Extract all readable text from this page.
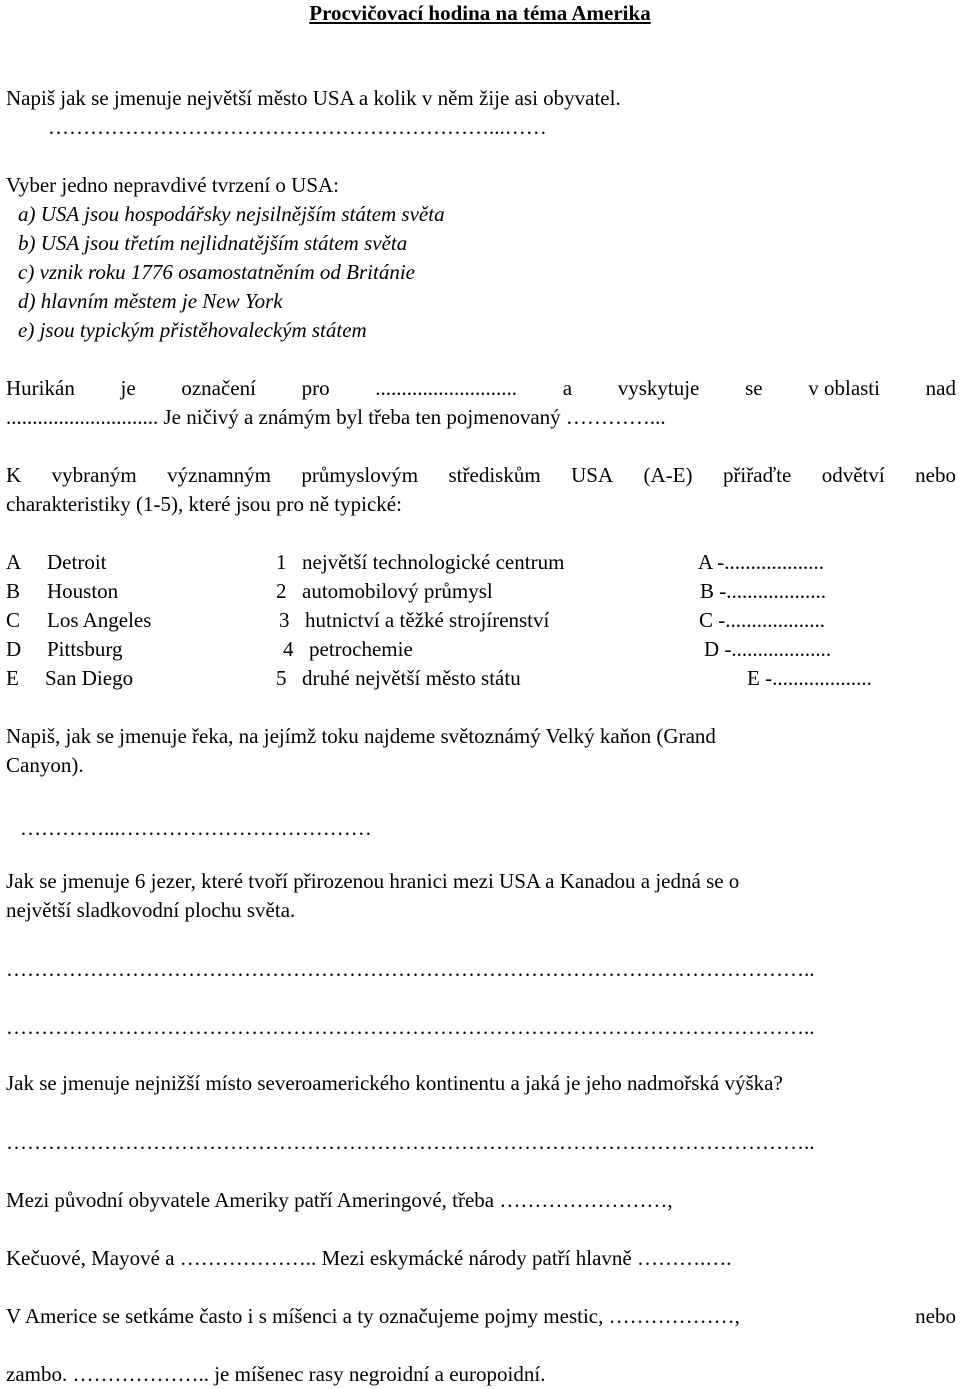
Procvičovací hodina na téma Amerika
Napiš jak se jmenuje největší město USA a kolik v něm žije asi obyvatel.
………………………………………………………...……
Vyber jedno nepravdivé tvrzení o USA:
a) USA jsou hospodářsky nejsilnějším státem světa
b) USA jsou třetím nejlidnatějším státem světa
c) vznik roku 1776 osamostatněním od Británie
d) hlavním městem je New York
e) jsou typickým přistěhovaleckým státem
Hurikán je označení pro ........................... a vyskytuje se v oblasti nad
............................. Je ničivý a známým byl třeba ten pojmenovaný …………...
K vybraným významným průmyslovým střediskům USA (A-E) přiřaďte odvětví nebo
charakteristiky (1-5), které jsou pro ně typické:
A Detroit	1 největší technologické centrum	A -...................
B Houston	2 automobilový průmysl	B -...................
C Los Angeles	3 hutnictví a těžké strojírenství	C -...................
D Pittsburg	4 petrochemie	D -...................
E San Diego	5 druhé největší město státu	E -...................
Napiš, jak se jmenuje řeka, na jejímž toku najdeme světoznámý Velký kaňon (Grand
Canyon).
…………...………………………………
Jak se jmenuje 6 jezer, které tvoří přirozenou hranici mezi USA a Kanadou a jedná se o
největší sladkovodní plochu světa.
……………………………………………………………………………………………………..
……………………………………………………………………………………………………..
Jak se jmenuje nejnižší místo severoamerického kontinentu a jaká je jeho nadmořská výška?
……………………………………………………………………………………………………..
Mezi původní obyvatele Ameriky patří Ameringové, třeba ……………………,
Kečuové, Mayové a ……………….. Mezi eskymácké národy patří hlavně ……….….
V Americe se setkáme často i s míšenci a ty označujeme pojmy mestic, ………………,	nebo
zambo. ……………….. je míšenec rasy negroidní a europoidní.
